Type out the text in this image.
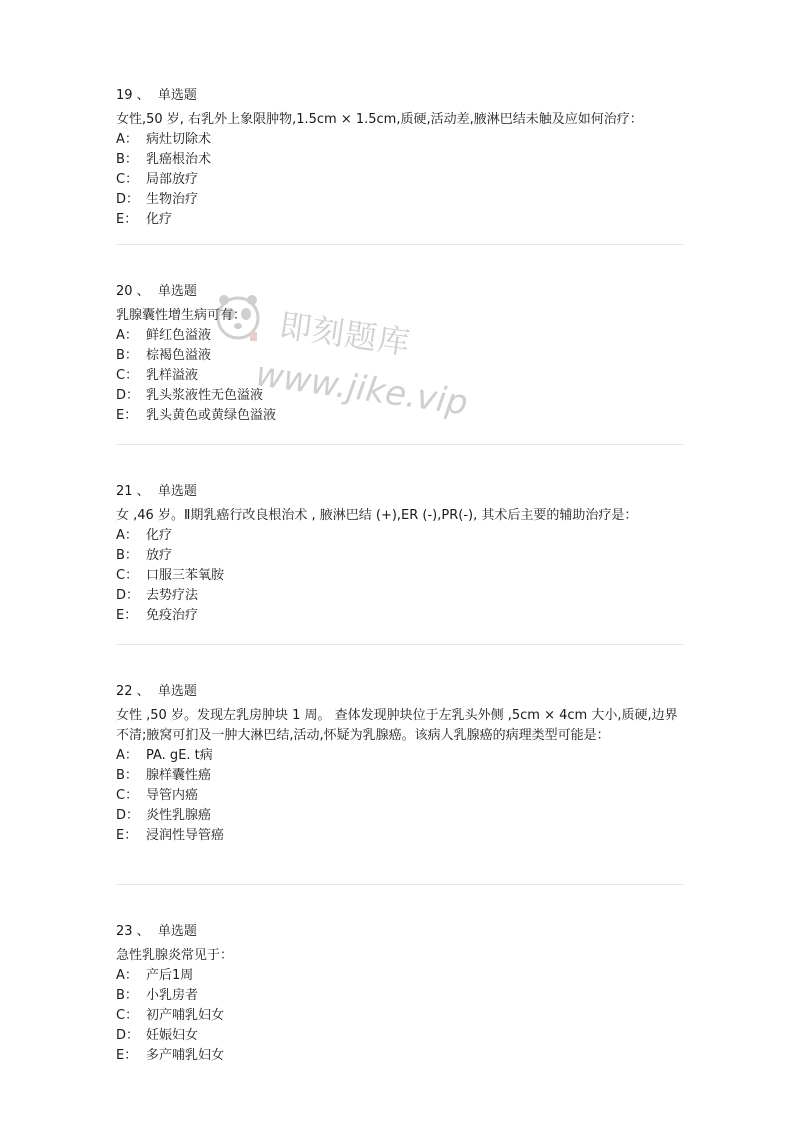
19 、 单选题
女性,50 岁, 右乳外上象限肿物,1.5cm × 1.5cm,质硬,活动差,腋淋巴结未触及应如何治疗：
A： 病灶切除术
B： 乳癌根治术
C： 局部放疗
D： 生物治疗
E： 化疗
20 、 单选题
乳腺囊性增生病可有：
A： 鲜红色溢液
B： 棕褐色溢液
C： 乳样溢液
D： 乳头浆液性无色溢液
E： 乳头黄色或黄绿色溢液
21 、 单选题
女 ,46 岁。Ⅱ期乳癌行改良根治术 , 腋淋巴结 (+),ER (-),PR(-), 其术后主要的辅助治疗是：
A： 化疗
B： 放疗
C： 口服三苯氧胺
D： 去势疗法
E： 免疫治疗
22 、 单选题
女性 ,50 岁。发现左乳房肿块 1 周。 查体发现肿块位于左乳头外侧 ,5cm × 4cm 大小,质硬,边界不清;腋窝可扪及一肿大淋巴结,活动,怀疑为乳腺癌。该病人乳腺癌的病理类型可能是：
A： PA. gE. t病
B： 腺样囊性癌
C： 导管内癌
D： 炎性乳腺癌
E： 浸润性导管癌
23 、 单选题
急性乳腺炎常见于：
A： 产后1周
B： 小乳房者
C： 初产哺乳妇女
D： 妊娠妇女
E： 多产哺乳妇女
即刻题库
www.jike.vip
